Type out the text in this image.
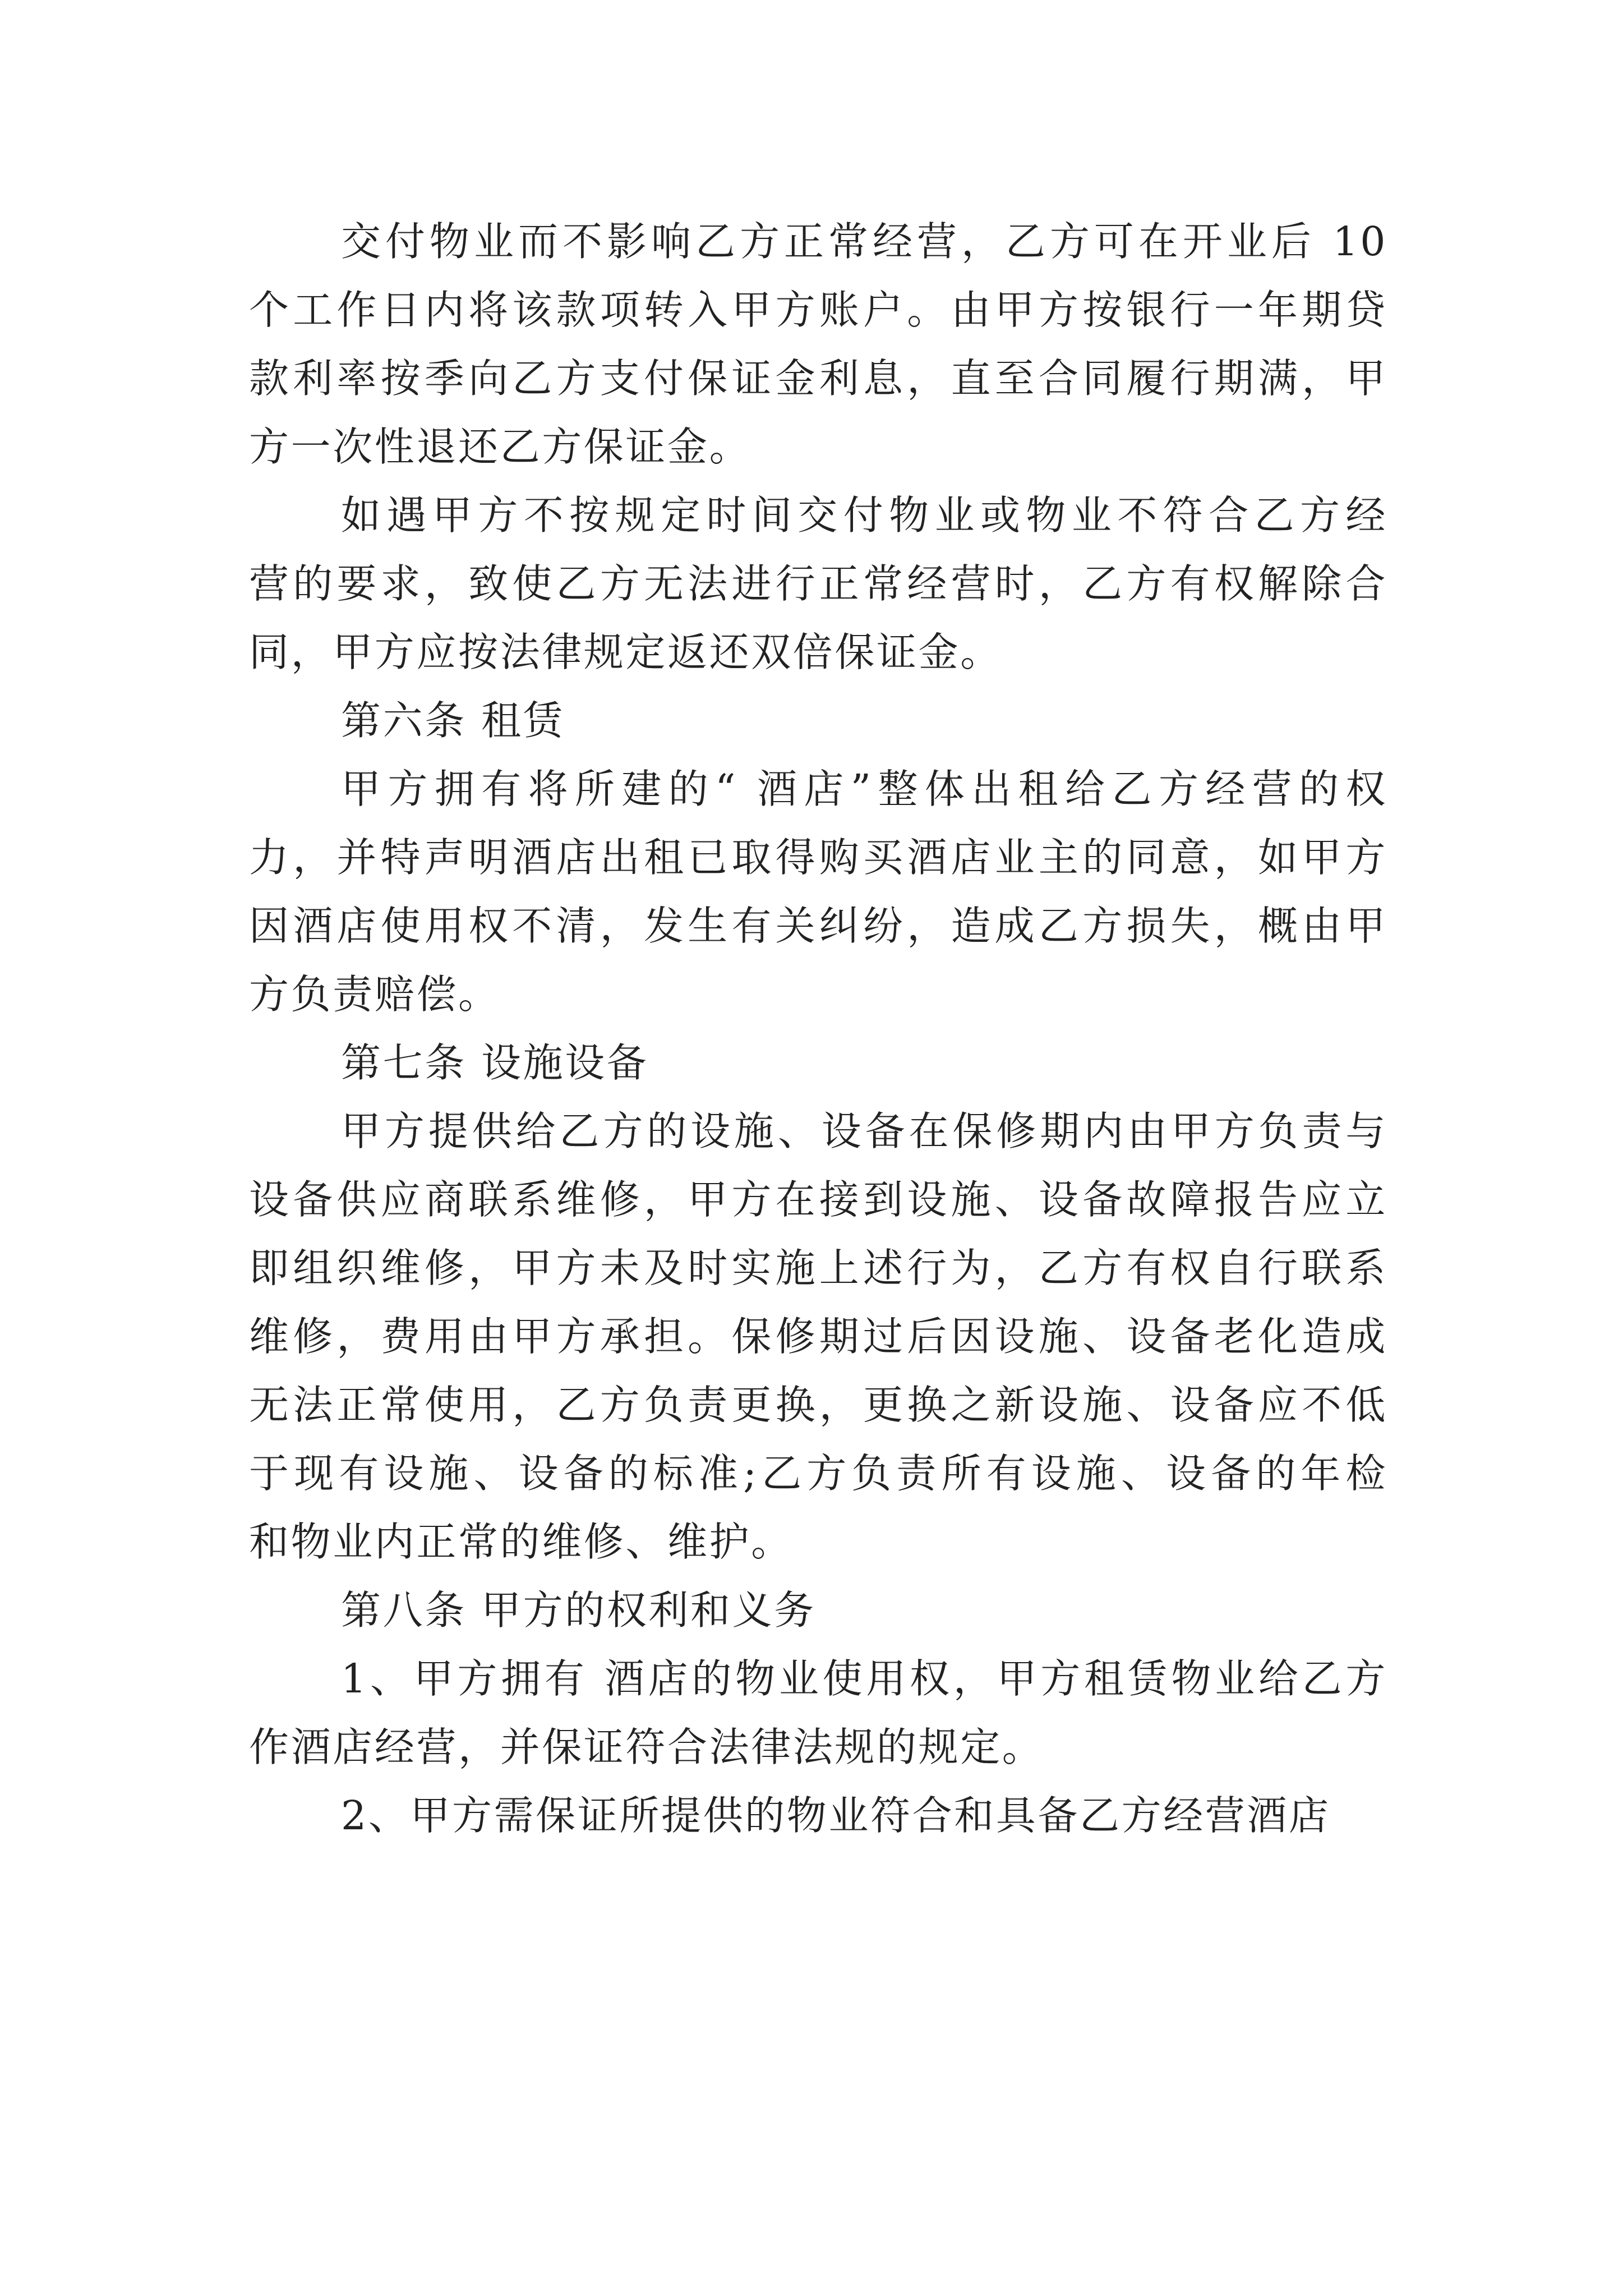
交付物业而不影响乙方正常经营，乙方可在开业后 10
个工作日内将该款项转入甲方账户。由甲方按银行一年期贷
款利率按季向乙方支付保证金利息，直至合同履行期满，甲
方一次性退还乙方保证金。
如遇甲方不按规定时间交付物业或物业不符合乙方经
营的要求，致使乙方无法进行正常经营时，乙方有权解除合
同，甲方应按法律规定返还双倍保证金。
第六条 租赁
甲方拥有将所建的“ 酒店”整体出租给乙方经营的权
力，并特声明酒店出租已取得购买酒店业主的同意，如甲方
因酒店使用权不清，发生有关纠纷，造成乙方损失，概由甲
方负责赔偿。
第七条 设施设备
甲方提供给乙方的设施、设备在保修期内由甲方负责与
设备供应商联系维修，甲方在接到设施、设备故障报告应立
即组织维修，甲方未及时实施上述行为，乙方有权自行联系
维修，费用由甲方承担。保修期过后因设施、设备老化造成
无法正常使用，乙方负责更换，更换之新设施、设备应不低
于现有设施、设备的标准;乙方负责所有设施、设备的年检
和物业内正常的维修、维护。
第八条 甲方的权利和义务
1、甲方拥有 酒店的物业使用权，甲方租赁物业给乙方
作酒店经营，并保证符合法律法规的规定。
2、甲方需保证所提供的物业符合和具备乙方经营酒店
